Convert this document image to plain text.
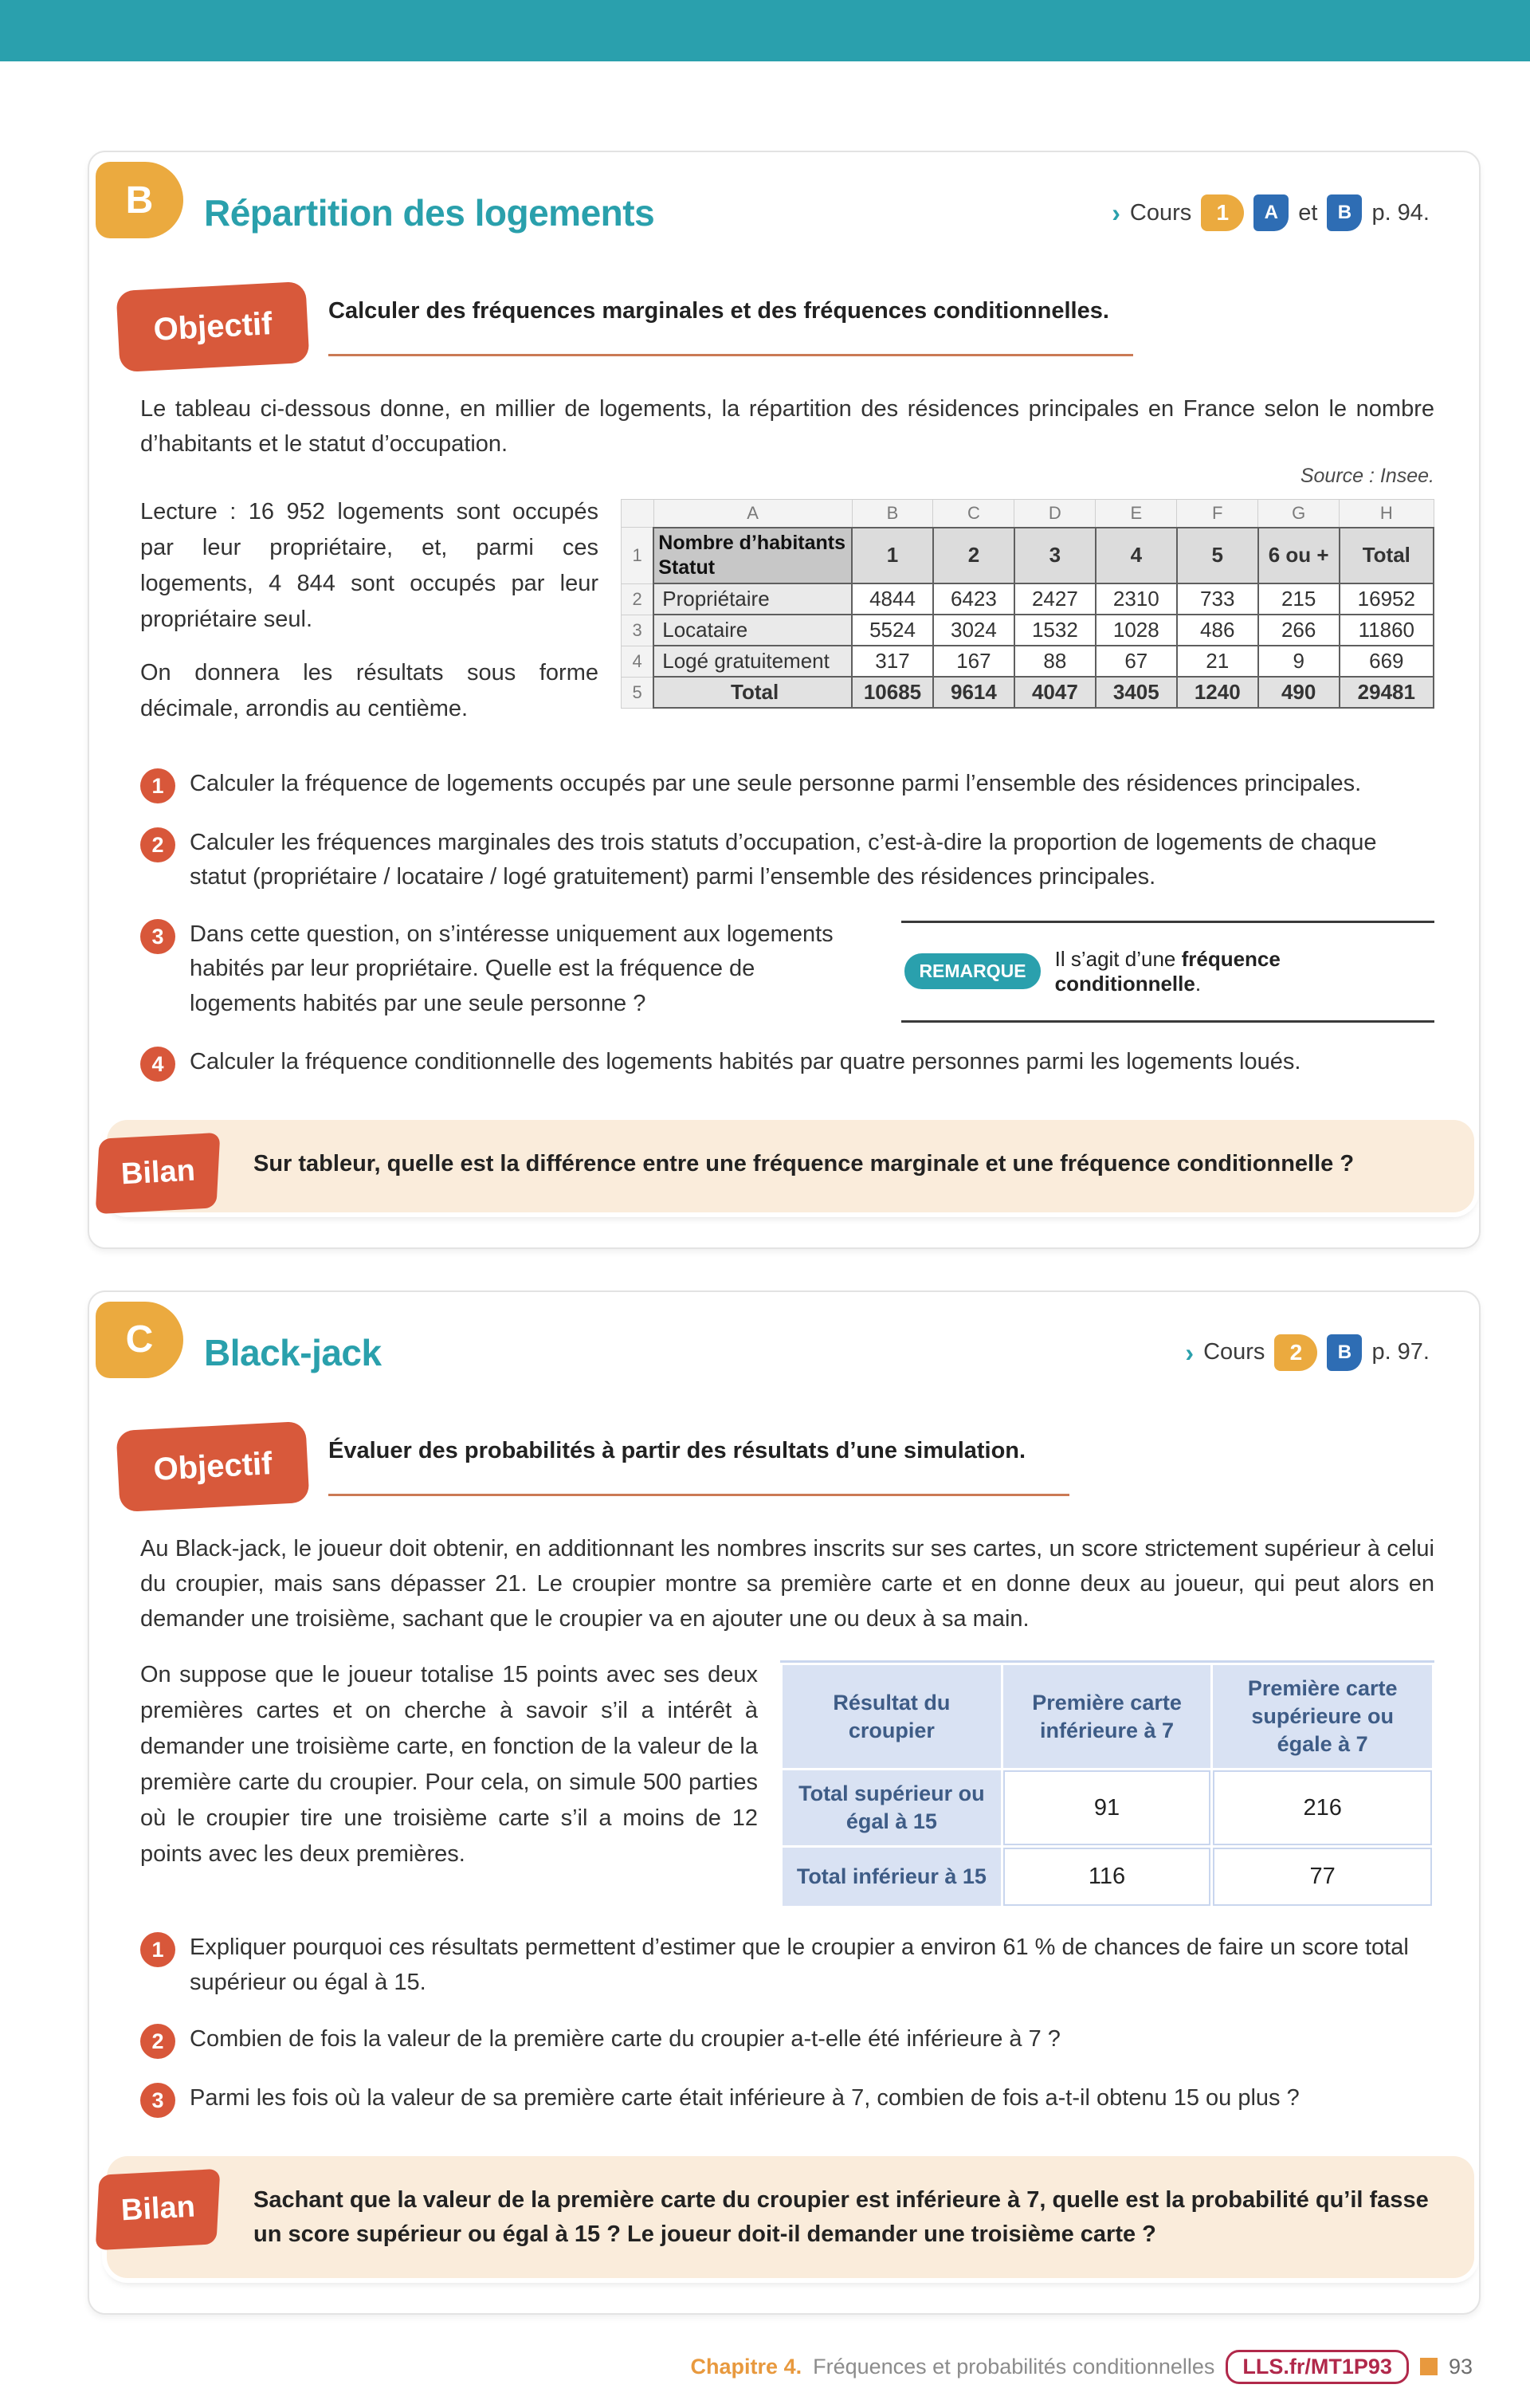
B	Répartition des logements	› Cours	1	A et	B p. 94.
Objectif	Calculer des fréquences marginales et des fréquences conditionnelles.

Le tableau ci-dessous donne, en millier de logements, la répartition des résidences principales en France selon le nombre d’habitants et le statut d’occupation.

Source : Insee.

Lecture : 16 952 logements sont occupés par leur propriétaire, et, parmi ces logements, 4 844 sont occupés par leur propriétaire seul.

On donnera les résultats sous forme décimale, arrondis au centième.

	A	B	C	D	E	F	G	H
1	Nombre d’habitants
Statut	1	2	3	4	5	6 ou +	Total
2	Propriétaire	4844	6423	2427	2310	733	215	16952
3	Locataire	5524	3024	1532	1028	486	266	11860
4	Logé gratuitement	317	167	88	67	21	9	669
5	Total	10685	9614	4047	3405	1240	490	29481
1	Calculer la fréquence de logements occupés par une seule personne parmi l’ensemble des résidences principales.
2	Calculer les fréquences marginales des trois statuts d’occupation, c’est-à-dire la proportion de logements de chaque statut (propriétaire / locataire / logé gratuitement) parmi l’ensemble des résidences principales.
3	Dans cette question, on s’intéresse uniquement aux logements habités par leur propriétaire. Quelle est la fréquence de logements habités par une seule personne ?
REMARQUE
Il s’agit d’une fréquence conditionnelle.
4	Calculer la fréquence conditionnelle des logements habités par quatre personnes parmi les logements loués.
Bilan	Sur tableur, quelle est la différence entre une fréquence marginale et une fréquence conditionnelle ?
C	Black-jack	› Cours	2	B p. 97.
Objectif	Évaluer des probabilités à partir des résultats d’une simulation.

Au Black-jack, le joueur doit obtenir, en additionnant les nombres inscrits sur ses cartes, un score strictement supérieur à celui du croupier, mais sans dépasser 21. Le croupier montre sa première carte et en donne deux au joueur, qui peut alors en demander une troisième, sachant que le croupier va en ajouter une ou deux à sa main.

On suppose que le joueur totalise 15 points avec ses deux premières cartes et on cherche à savoir s’il a intérêt à demander une troisième carte, en fonction de la valeur de la première carte du croupier. Pour cela, on simule 500 parties où le croupier tire une troisième carte s’il a moins de 12 points avec les deux premières.
Résultat du croupier	Première carte inférieure à 7	Première carte supérieure ou égale à 7
Total supérieur ou égal à 15	91	216
Total inférieur à 15	116	77
1	Expliquer pourquoi ces résultats permettent d’estimer que le croupier a environ 61 % de chances de faire un score total supérieur ou égal à 15.
2	Combien de fois la valeur de la première carte du croupier a-t-elle été inférieure à 7 ?
3	Parmi les fois où la valeur de sa première carte était inférieure à 7, combien de fois a-t-il obtenu 15 ou plus ?
Bilan	Sachant que la valeur de la première carte du croupier est inférieure à 7, quelle est la probabilité qu’il fasse un score supérieur ou égal à 15 ? Le joueur doit-il demander une troisième carte ?
Chapitre 4. Fréquences et probabilités conditionnelles	LLS.fr/MT1P93	93
